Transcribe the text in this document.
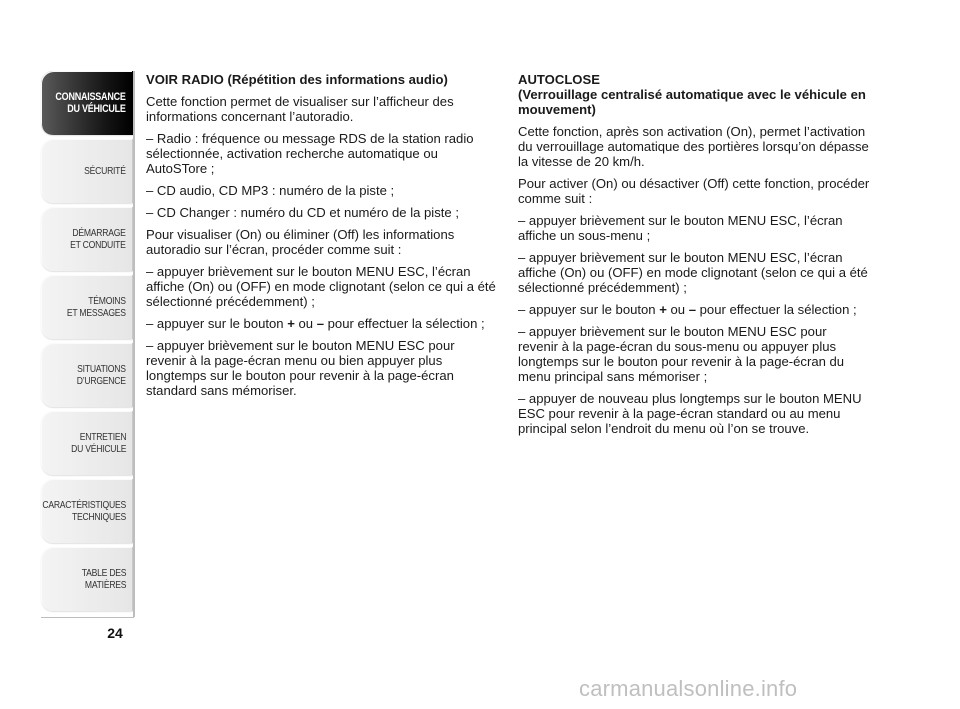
CONNAISSANCE
DU VÉHICULE
SÉCURITÉ
DÉMARRAGE
ET CONDUITE
TÉMOINS
ET MESSAGES
SITUATIONS
D’URGENCE
ENTRETIEN
DU VÉHICULE
CARACTÉRISTIQUES
TECHNIQUES
TABLE DES
MATIÈRES
24

VOIR RADIO (Répétition des informations audio)

Cette fonction permet de visualiser sur l’afficheur des informations concernant l’autoradio.

– Radio : fréquence ou message RDS de la station radio sélectionnée, activation recherche automatique ou AutoSTore ;

– CD audio, CD MP3 : numéro de la piste ;

– CD Changer : numéro du CD et numéro de la piste ;

Pour visualiser (On) ou éliminer (Off) les informations autoradio sur l’écran, procéder comme suit :

– appuyer brièvement sur le bouton MENU ESC, l’écran affiche (On) ou (OFF) en mode clignotant (selon ce qui a été sélectionné précédemment) ;

– appuyer sur le bouton + ou – pour effectuer la sélection ;

– appuyer brièvement sur le bouton MENU ESC pour revenir à la page-écran menu ou bien appuyer plus longtemps sur le bouton pour revenir à la page-écran standard sans mémoriser.

AUTOCLOSE
(Verrouillage centralisé automatique avec le véhicule en mouvement)

Cette fonction, après son activation (On), permet l’activation du verrouillage automatique des portières lorsqu’on dépasse la vitesse de 20 km/h.

Pour activer (On) ou désactiver (Off) cette fonction, procéder comme suit :

– appuyer brièvement sur le bouton MENU ESC, l’écran affiche un sous-menu ;

– appuyer brièvement sur le bouton MENU ESC, l’écran affiche (On) ou (OFF) en mode clignotant (selon ce qui a été sélectionné précédemment) ;

– appuyer sur le bouton + ou – pour effectuer la sélection ;

– appuyer brièvement sur le bouton MENU ESC pour revenir à la page-écran du sous-menu ou appuyer plus longtemps sur le bouton pour revenir à la page-écran du menu principal sans mémoriser ;

– appuyer de nouveau plus longtemps sur le bouton MENU ESC pour revenir à la page-écran standard ou au menu principal selon l’endroit du menu où l’on se trouve.

carmanualsonline.info
